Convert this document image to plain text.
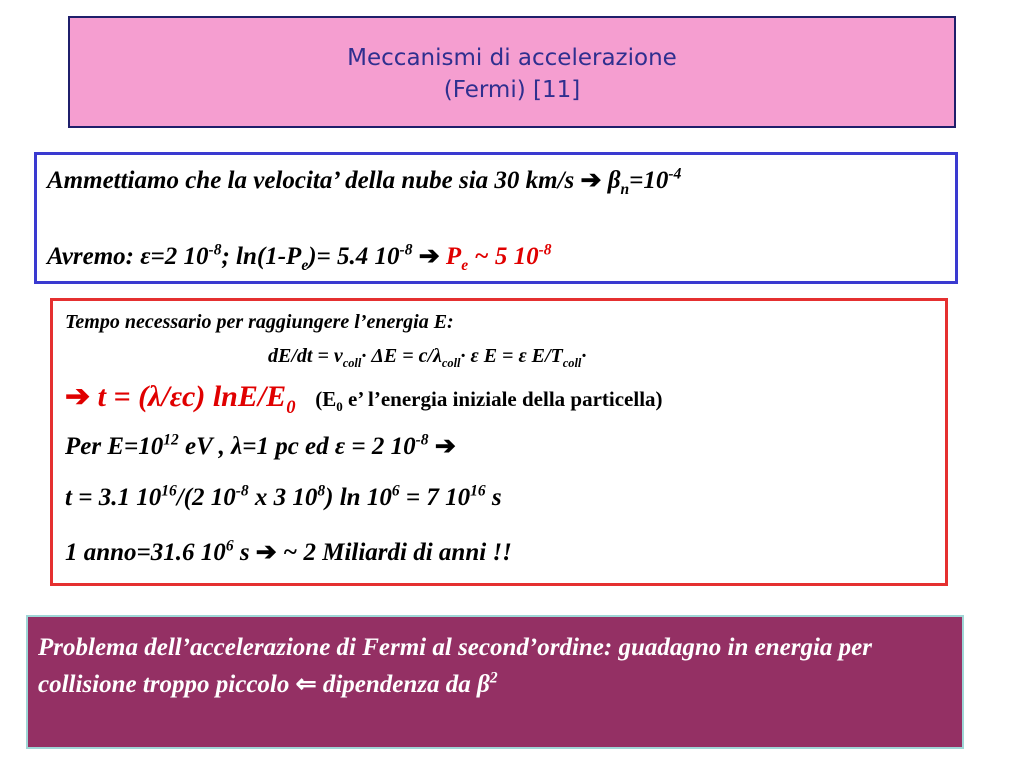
Meccanismi di accelerazione
(Fermi) [11]
Ammettiamo che la velocita’ della nube sia 30 km/s ➔ $\beta_n=10^{-4}$
Avremo: ε=2 $10^{-8}$; $\ln(1-P_e)= 5.4$ $10^{-8}$ ➔ $P_e$ ~ 5 $10^{-8}$
Tempo necessario per raggiungere l’energia E:
$dE/dt = \nu_{coll}\cdot \Delta E = c/\lambda_{coll}\cdot \varepsilon$ E = ε $E/T_{coll}\cdot$
➔ t = (λ/εc) lnE/$E_0$ ($E_0$ e’ l’energia iniziale della particella)
Per $E=10^{12}$ eV , λ=1 pc ed ε = 2 $10^{-8}$ ➔
t = 3.1 $10^{16}/(2$ $10^{-8}$ x 3 $10^8$) $\ln 10^6 = 7$ $10^{16}$ s
1 anno=31.6 $10^6$ s ➔ ~ 2 Miliardi di anni !!
Problema dell’accelerazione di Fermi al second’ordine: guadagno in energia per collisione troppo piccolo ⇐ dipendenza da $\beta^2$
